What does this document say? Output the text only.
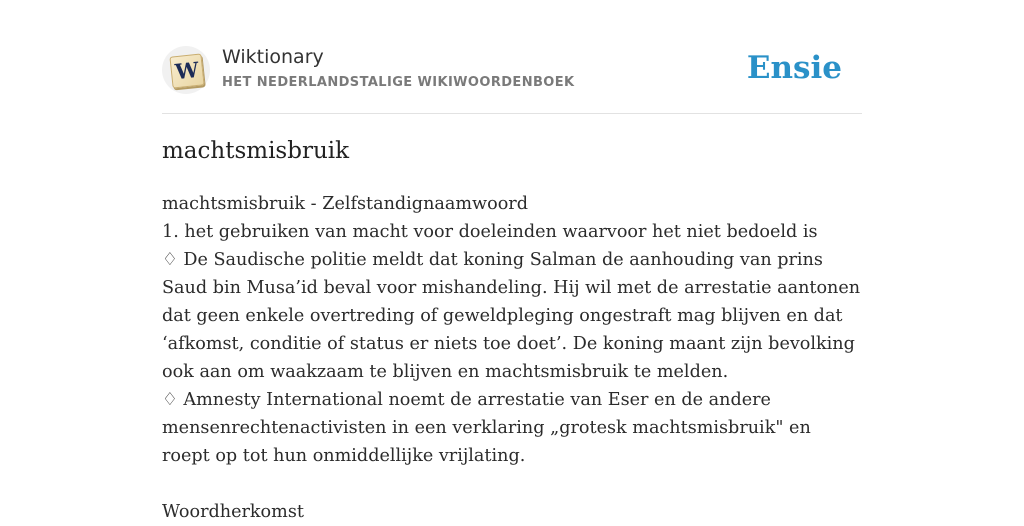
W Wiktionary
HET NEDERLANDSTALIGE WIKIWOORDENBOEK	Ensie
machtsmisbruik

machtsmisbruik - Zelfstandignaamwoord

1. het gebruiken van macht voor doeleinden waarvoor het niet bedoeld is

♢ De Saudische politie meldt dat koning Salman de aanhouding van prins Saud bin Musa’id beval voor mishandeling. Hij wil met de arrestatie aantonen dat geen enkele overtreding of geweldpleging ongestraft mag blijven en dat ‘afkomst, conditie of status er niets toe doet’. De koning maant zijn bevolking ook aan om waakzaam te blijven en machtsmisbruik te melden.

♢ Amnesty International noemt de arrestatie van Eser en de andere mensenrechtenactivisten in een verklaring „grotesk machtsmisbruik" en roept op tot hun onmiddellijke vrijlating.

Woordherkomst
